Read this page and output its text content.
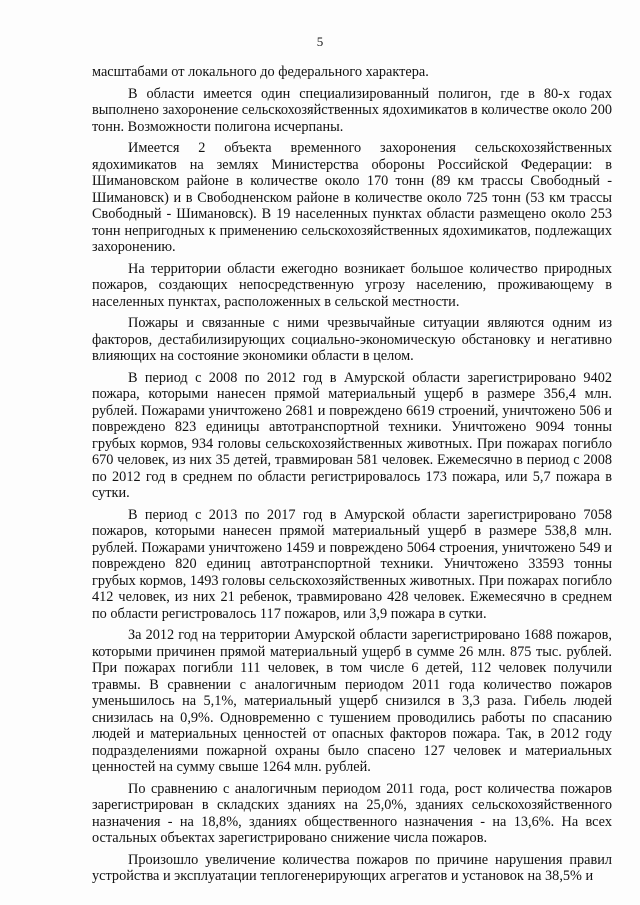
5

масштабами от локального до федерального характера.

В области имеется один специализированный полигон, где в 80-х годах выполнено захоронение сельскохозяйственных ядохимикатов в количестве около 200 тонн. Возможности полигона исчерпаны.

Имеется 2 объекта временного захоронения сельскохозяйственных ядохимикатов на землях Министерства обороны Российской Федерации: в Шимановском районе в количестве около 170 тонн (89 км трассы Свободный - Шимановск) и в Свободненском районе в количестве около 725 тонн (53 км трассы Свободный - Шимановск). В 19 населенных пунктах области размещено около 253 тонн непригодных к применению сельскохозяйственных ядохимикатов, подлежащих захоронению.

На территории области ежегодно возникает большое количество природных пожаров, создающих непосредственную угрозу населению, проживающему в населенных пунктах, расположенных в сельской местности.

Пожары и связанные с ними чрезвычайные ситуации являются одним из факторов, дестабилизирующих социально-экономическую обстановку и негативно влияющих на состояние экономики области в целом.

В период с 2008 по 2012 год в Амурской области зарегистрировано 9402 пожара, которыми нанесен прямой материальный ущерб в размере 356,4 млн. рублей. Пожарами уничтожено 2681 и повреждено 6619 строений, уничтожено 506 и повреждено 823 единицы автотранспортной техники. Уничтожено 9094 тонны грубых кормов, 934 головы сельскохозяйственных животных. При пожарах погибло 670 человек, из них 35 детей, травмирован 581 человек. Ежемесячно в период с 2008 по 2012 год в среднем по области регистрировалось 173 пожара, или 5,7 пожара в сутки.

В период с 2013 по 2017 год в Амурской области зарегистрировано 7058 пожаров, которыми нанесен прямой материальный ущерб в размере 538,8 млн. рублей. Пожарами уничтожено 1459 и повреждено 5064 строения, уничтожено 549 и повреждено 820 единиц автотранспортной техники. Уничтожено 33593 тонны грубых кормов, 1493 головы сельскохозяйственных животных. При пожарах погибло 412 человек, из них 21 ребенок, травмировано 428 человек. Ежемесячно в среднем по области регистровалось 117 пожаров, или 3,9 пожара в сутки.

За 2012 год на территории Амурской области зарегистрировано 1688 пожаров, которыми причинен прямой материальный ущерб в сумме 26 млн. 875 тыс. рублей. При пожарах погибли 111 человек, в том числе 6 детей, 112 человек получили травмы. В сравнении с аналогичным периодом 2011 года количество пожаров уменьшилось на 5,1%, материальный ущерб снизился в 3,3 раза. Гибель людей снизилась на 0,9%. Одновременно с тушением проводились работы по спасанию людей и материальных ценностей от опасных факторов пожара. Так, в 2012 году подразделениями пожарной охраны было спасено 127 человек и материальных ценностей на сумму свыше 1264 млн. рублей.

По сравнению с аналогичным периодом 2011 года, рост количества пожаров зарегистрирован в складских зданиях на 25,0%, зданиях сельскохозяйственного назначения - на 18,8%, зданиях общественного назначения - на 13,6%. На всех остальных объектах зарегистрировано снижение числа пожаров.

Произошло увеличение количества пожаров по причине нарушения правил устройства и эксплуатации теплогенерирующих агрегатов и установок на 38,5% и
